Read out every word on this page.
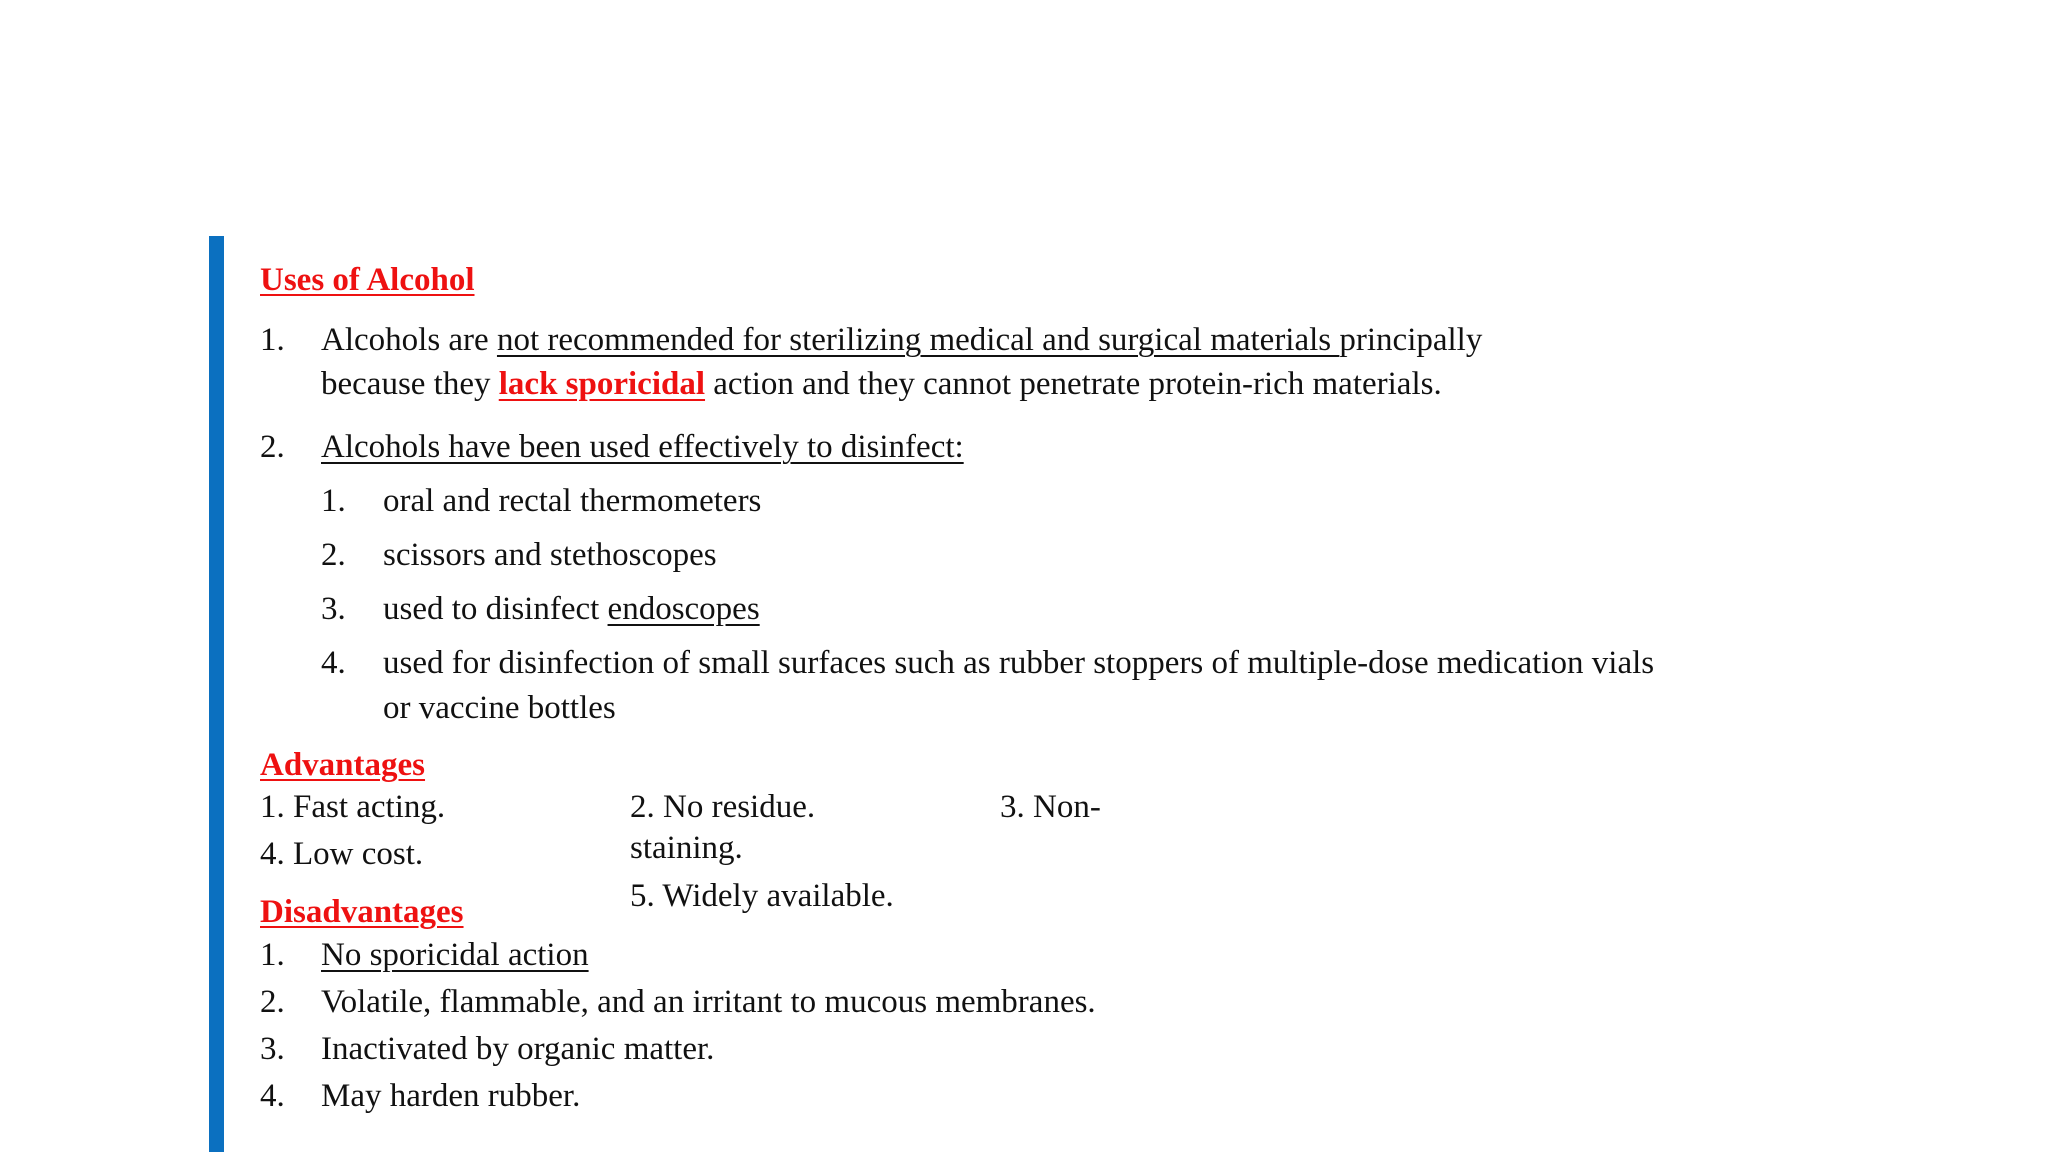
Uses of Alcohol
1. Alcohols are not recommended for sterilizing medical and surgical materials principally
because they lack sporicidal action and they cannot penetrate protein-rich materials.
2. Alcohols have been used effectively to disinfect:
1. oral and rectal thermometers
2. scissors and stethoscopes
3. used to disinfect endoscopes
4. used for disinfection of small surfaces such as rubber stoppers of multiple-dose medication vials
or vaccine bottles
Advantages
1. Fast acting.
4. Low cost.
2. No residue.
staining.
5. Widely available.
3. Non-
Disadvantages
1. No sporicidal action
2. Volatile, flammable, and an irritant to mucous membranes.
3. Inactivated by organic matter.
4. May harden rubber.
